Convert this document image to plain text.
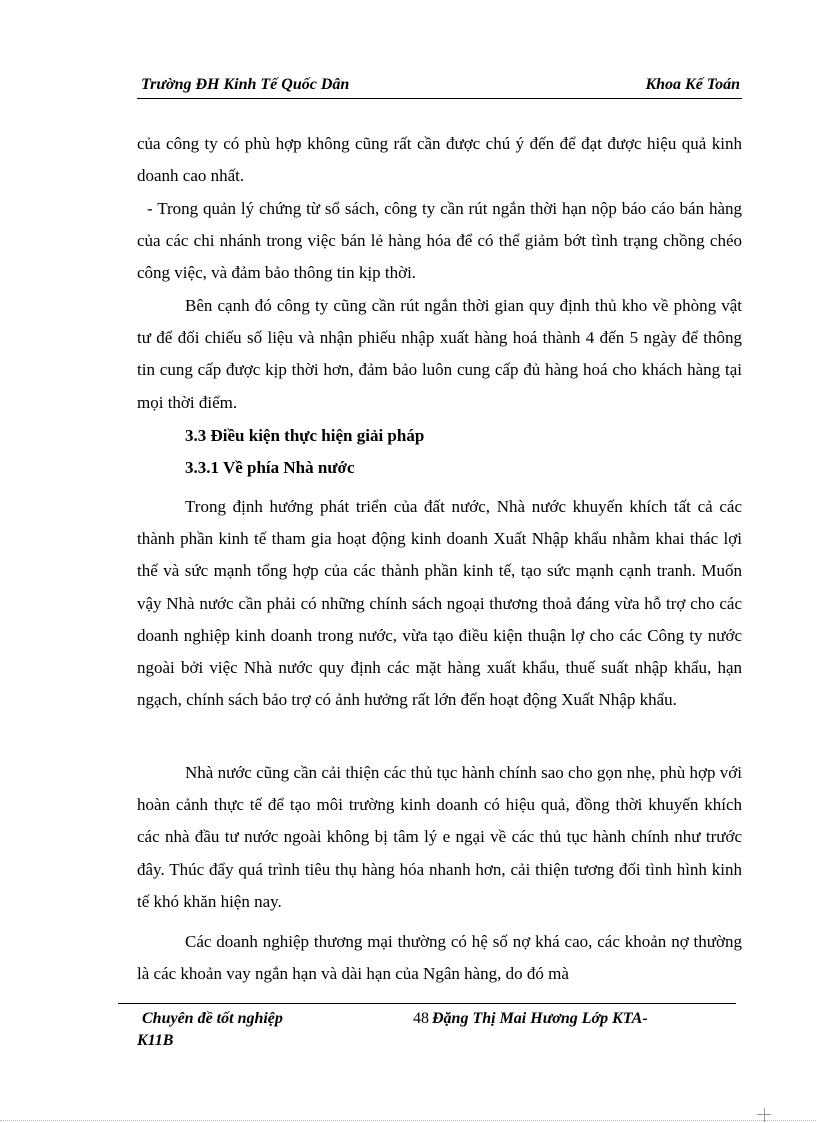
Trường ĐH Kinh Tế Quốc Dân	Khoa Kế Toán

của công ty có phù hợp không cũng rất cần được chú ý đến để đạt được hiệu quả kinh doanh cao nhất.

- Trong quản lý chứng từ sổ sách, công ty cần rút ngắn thời hạn nộp báo cáo bán hàng của các chi nhánh trong việc bán lẻ hàng hóa để có thể giảm bớt tình trạng chồng chéo công việc, và đảm bảo thông tin kịp thời.

Bên cạnh đó công ty cũng cần rút ngắn thời gian quy định thủ kho về phòng vật tư để đối chiếu số liệu và nhận phiếu nhập xuất hàng hoá thành 4 đến 5 ngày để thông tin cung cấp được kịp thời hơn, đảm bảo luôn cung cấp đủ hàng hoá cho khách hàng tại mọi thời điểm.

3.3 Điều kiện thực hiện giải pháp

3.3.1 Về phía Nhà nước

Trong định hướng phát triển của đất nước, Nhà nước khuyến khích tất cả các thành phần kinh tế tham gia hoạt động kinh doanh Xuất Nhập khẩu nhằm khai thác lợi thế và sức mạnh tổng hợp của các thành phần kinh tế, tạo sức mạnh cạnh tranh. Muốn vậy Nhà nước cần phải có những chính sách ngoại thương thoả đáng vừa hỗ trợ cho các doanh nghiệp kinh doanh trong nước, vừa tạo điều kiện thuận lợ cho các Công ty nước ngoài bởi việc Nhà nước quy định các mặt hàng xuất khẩu, thuế suất nhập khẩu, hạn ngạch, chính sách bảo trợ có ảnh hưởng rất lớn đến hoạt động Xuất Nhập khẩu.

Nhà nước cũng cần cải thiện các thủ tục hành chính sao cho gọn nhẹ, phù hợp với hoàn cảnh thực tế để tạo môi trường kinh doanh có hiệu quả, đồng thời khuyến khích các nhà đầu tư nước ngoài không bị tâm lý e ngại về các thủ tục hành chính như trước đây. Thúc đẩy quá trình tiêu thụ hàng hóa nhanh hơn, cải thiện tương đối tình hình kinh tế khó khăn hiện nay.

Các doanh nghiệp thương mại thường có hệ số nợ khá cao, các khoản nợ thường là các khoản vay ngắn hạn và dài hạn của Ngân hàng, do đó mà

Chuyên đề tốt nghiệp	48 Đặng Thị Mai Hương Lớp KTA-
K11B
